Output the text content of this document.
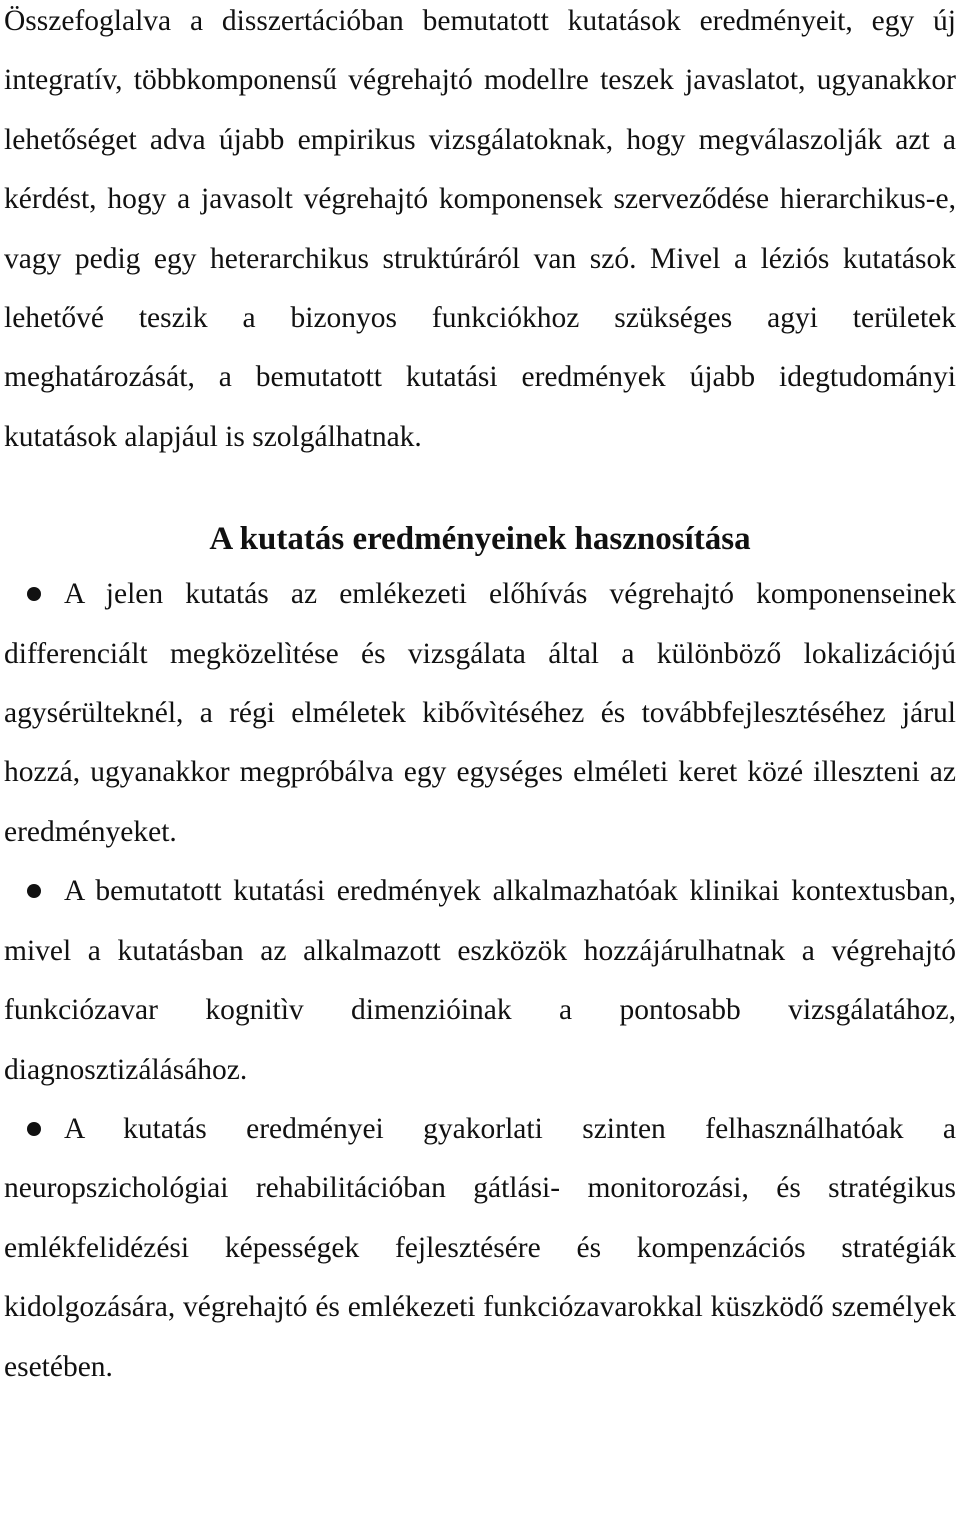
Összefoglalva a disszertációban bemutatott kutatások eredményeit, egy új integratív, többkomponensű végrehajtó modellre teszek javaslatot, ugyanakkor lehetőséget adva újabb empirikus vizsgálatoknak, hogy megválaszolják azt a kérdést, hogy a javasolt végrehajtó komponensek szerveződése hierarchikus-e, vagy pedig egy heterarchikus struktúráról van szó. Mivel a léziós kutatások lehetővé teszik a bizonyos funkciókhoz szükséges agyi területek meghatározását, a bemutatott kutatási eredmények újabb idegtudományi kutatások alapjául is szolgálhatnak.

A kutatás eredményeinek hasznosítása

A jelen kutatás az emlékezeti előhívás végrehajtó komponenseinek differenciált megközelìtése és vizsgálata által a különböző lokalizációjú agysérülteknél, a régi elméletek kibővìtéséhez és továbbfejlesztéséhez járul hozzá, ugyanakkor megpróbálva egy egységes elméleti keret közé illeszteni az eredményeket.

A bemutatott kutatási eredmények alkalmazhatóak klinikai kontextusban, mivel a kutatásban az alkalmazott eszközök hozzájárulhatnak a végrehajtó funkciózavar kognitìv dimenzióinak a pontosabb vizsgálatához, diagnosztizálásához.

A kutatás eredményei gyakorlati szinten felhasználhatóak a neuropszichológiai rehabilitációban gátlási- monitorozási, és stratégikus emlékfelidézési képességek fejlesztésére és kompenzációs stratégiák kidolgozására, végrehajtó és emlékezeti funkciózavarokkal küszködő személyek esetében.
